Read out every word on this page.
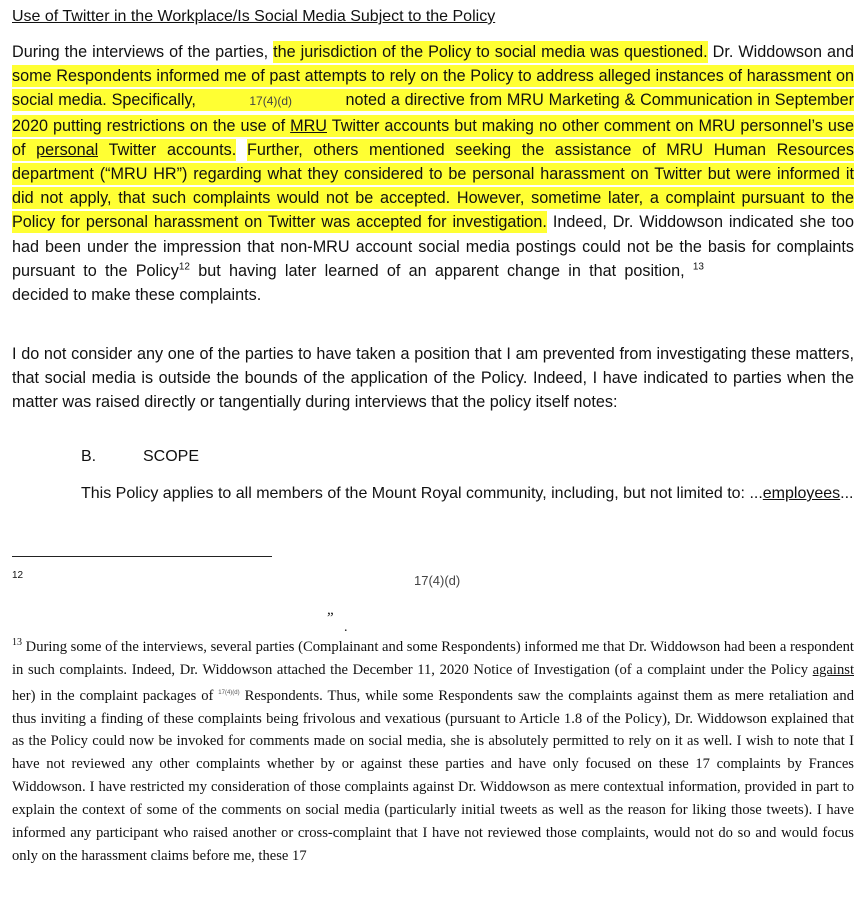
Use of Twitter in the Workplace/Is Social Media Subject to the Policy

During the interviews of the parties, the jurisdiction of the Policy to social media was questioned. Dr. Widdowson and some Respondents informed me of past attempts to rely on the Policy to address alleged instances of harassment on social media. Specifically,	17(4)(d)	noted a directive from MRU Marketing & Communication in September 2020 putting restrictions on the use of MRU Twitter accounts but making no other comment on MRU personnel’s use of personal Twitter accounts. Further, others mentioned seeking the assistance of MRU Human Resources department (“MRU HR”) regarding what they considered to be personal harassment on Twitter but were informed it did not apply, that such complaints would not be accepted. However, sometime later, a complaint pursuant to the Policy for personal harassment on Twitter was accepted for investigation. Indeed, Dr. Widdowson indicated she too had been under the impression that non-MRU account social media postings could not be the basis for complaints pursuant to the Policy$^{12}$ but having later learned of an apparent change in that position, $^{13}$ decided to make these complaints.

I do not consider any one of the parties to have taken a position that I am prevented from investigating these matters, that social media is outside the bounds of the application of the Policy. Indeed, I have indicated to parties when the matter was raised directly or tangentially during interviews that the policy itself notes:

B.	SCOPE

This Policy applies to all members of the Mount Royal community, including, but not limited to: ...employees...

12	17(4)(d)
”
.

$^{13}$ During some of the interviews, several parties (Complainant and some Respondents) informed me that Dr. Widdowson had been a respondent in such complaints. Indeed, Dr. Widdowson attached the December 11, 2020 Notice of Investigation (of a complaint under the Policy against her) in the complaint packages of $^{17(4)(d)}$ Respondents. Thus, while some Respondents saw the complaints against them as mere retaliation and thus inviting a finding of these complaints being frivolous and vexatious (pursuant to Article 1.8 of the Policy), Dr. Widdowson explained that as the Policy could now be invoked for comments made on social media, she is absolutely permitted to rely on it as well. I wish to note that I have not reviewed any other complaints whether by or against these parties and have only focused on these 17 complaints by Frances Widdowson. I have restricted my consideration of those complaints against Dr. Widdowson as mere contextual information, provided in part to explain the context of some of the comments on social media (particularly initial tweets as well as the reason for liking those tweets). I have informed any participant who raised another or cross-complaint that I have not reviewed those complaints, would not do so and would focus only on the harassment claims before me, these 17
